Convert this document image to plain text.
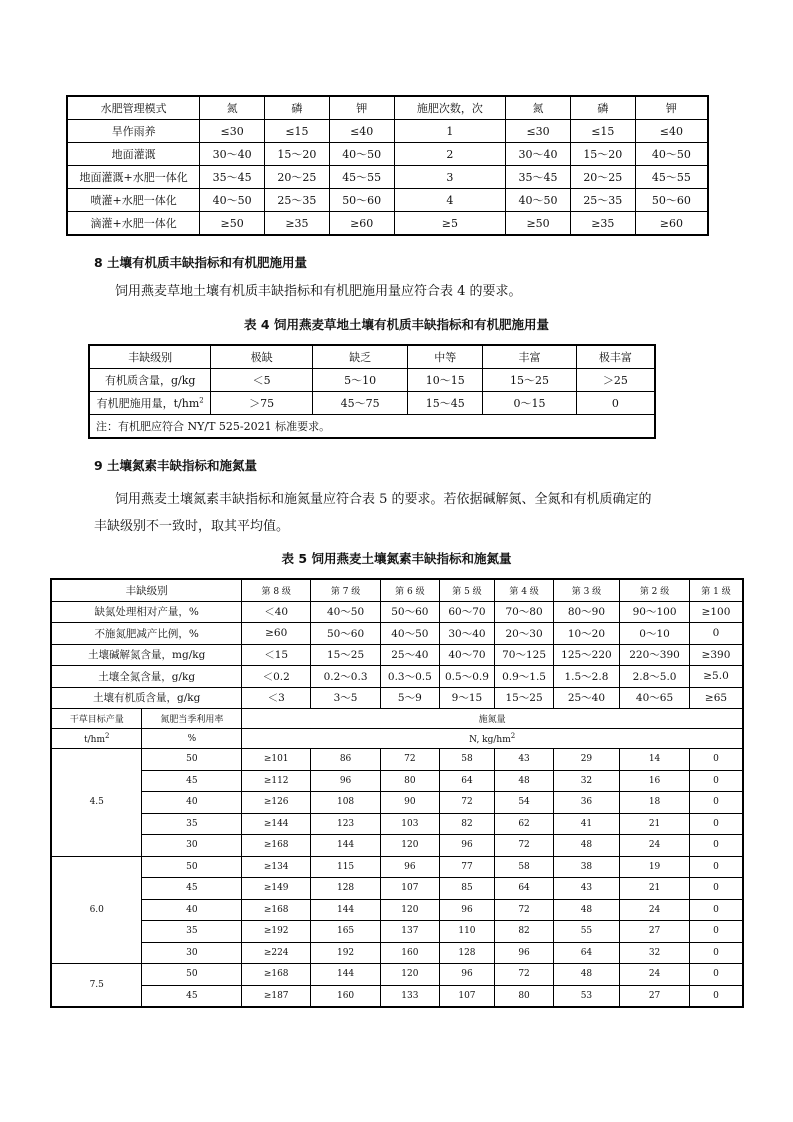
水肥管理模式	氮	磷	钾	施肥次数，次	氮	磷	钾
旱作雨养	≤30	≤15	≤40	1	≤30	≤15	≤40
地面灌溉	30～40	15～20	40～50	2	30～40	15～20	40～50
地面灌溉+水肥一体化	35～45	20～25	45～55	3	35～45	20～25	45～55
喷灌+水肥一体化	40～50	25～35	50～60	4	40～50	25～35	50～60
滴灌+水肥一体化	≥50	≥35	≥60	≥5	≥50	≥35	≥60

8 土壤有机质丰缺指标和有机肥施用量

饲用燕麦草地土壤有机质丰缺指标和有机肥施用量应符合表 4 的要求。

表 4 饲用燕麦草地土壤有机质丰缺指标和有机肥施用量

丰缺级别	极缺	缺乏	中等	丰富	极丰富
有机质含量，g/kg	＜5	5～10	10～15	15～25	＞25
有机肥施用量，$t/hm^2$	＞75	45～75	15～45	0～15	0
注：有机肥应符合 NY/T 525-2021 标准要求。					

9 土壤氮素丰缺指标和施氮量

饲用燕麦土壤氮素丰缺指标和施氮量应符合表 5 的要求。若依据碱解氮、全氮和有机质确定的

丰缺级别不一致时，取其平均值。

表 5 饲用燕麦土壤氮素丰缺指标和施氮量

丰缺级别		第 8 级	第 7 级	第 6 级	第 5 级	第 4 级	第 3 级	第 2 级	第 1 级
缺氮处理相对产量，%		＜40	40～50	50～60	60～70	70～80	80～90	90～100	≥100
不施氮肥减产比例，%		≥60	50～60	40～50	30～40	20～30	10～20	0～10	0
土壤碱解氮含量，mg/kg		＜15	15～25	25～40	40～70	70～125	125～220	220～390	≥390
土壤全氮含量，g/kg		＜0.2	0.2～0.3	0.3～0.5	0.5～0.9	0.9～1.5	1.5～2.8	2.8～5.0	≥5.0
土壤有机质含量，g/kg		＜3	3～5	5～9	9～15	15～25	25～40	40～65	≥65
干草目标产量	氮肥当季利用率	施氮量							
$t/hm^2$	%	N, $kg/hm^2$
4.5	50	≥101	86	72	58	43	29	14	0
	45	≥112	96	80	64	48	32	16	0
	40	≥126	108	90	72	54	36	18	0
	35	≥144	123	103	82	62	41	21	0
	30	≥168	144	120	96	72	48	24	0
6.0	50	≥134	115	96	77	58	38	19	0
	45	≥149	128	107	85	64	43	21	0
	40	≥168	144	120	96	72	48	24	0
	35	≥192	165	137	110	82	55	27	0
	30	≥224	192	160	128	96	64	32	0
7.5	50	≥168	144	120	96	72	48	24	0
	45	≥187	160	133	107	80	53	27	0
